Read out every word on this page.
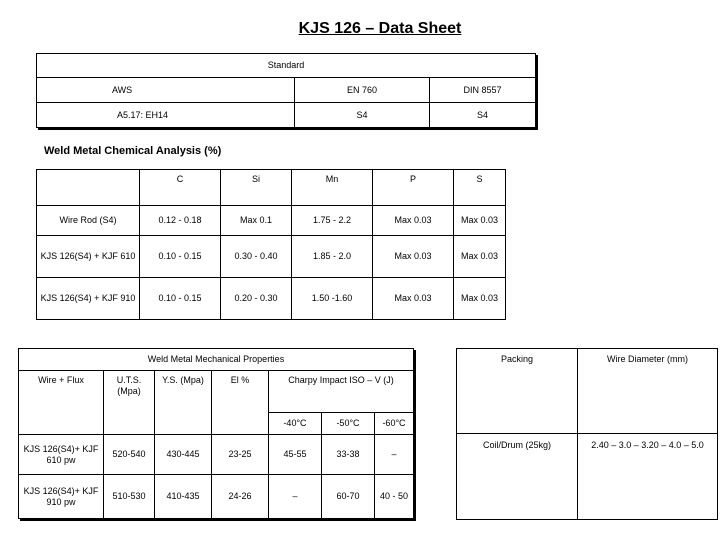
KJS 126 – Data Sheet
Standard		
AWS	EN 760	DIN 8557
A5.17: EH14	S4	S4
Weld Metal Chemical Analysis (%)
	C	Si	Mn	P	S
Wire Rod (S4)	0.12 - 0.18	Max 0.1	1.75 - 2.2	Max 0.03	Max 0.03
KJS 126(S4) + KJF 610	0.10 - 0.15	0.30 - 0.40	1.85 - 2.0	Max 0.03	Max 0.03
KJS 126(S4) + KJF 910	0.10 - 0.15	0.20 - 0.30	1.50 -1.60	Max 0.03	Max 0.03
Weld Metal Mechanical Properties						
Wire + Flux	U.T.S. (Mpa)	Y.S. (Mpa)	El %	Charpy Impact ISO – V (J)		
				-40°C	-50°C	-60°C
KJS 126(S4)+ KJF 610 pw	520-540	430-445	23-25	45-55	33-38	–
KJS 126(S4)+ KJF 910 pw	510-530	410-435	24-26	–	60-70	40 - 50
Packing	Wire Diameter (mm)
Coil/Drum (25kg)	2.40 – 3.0 – 3.20 – 4.0 – 5.0
